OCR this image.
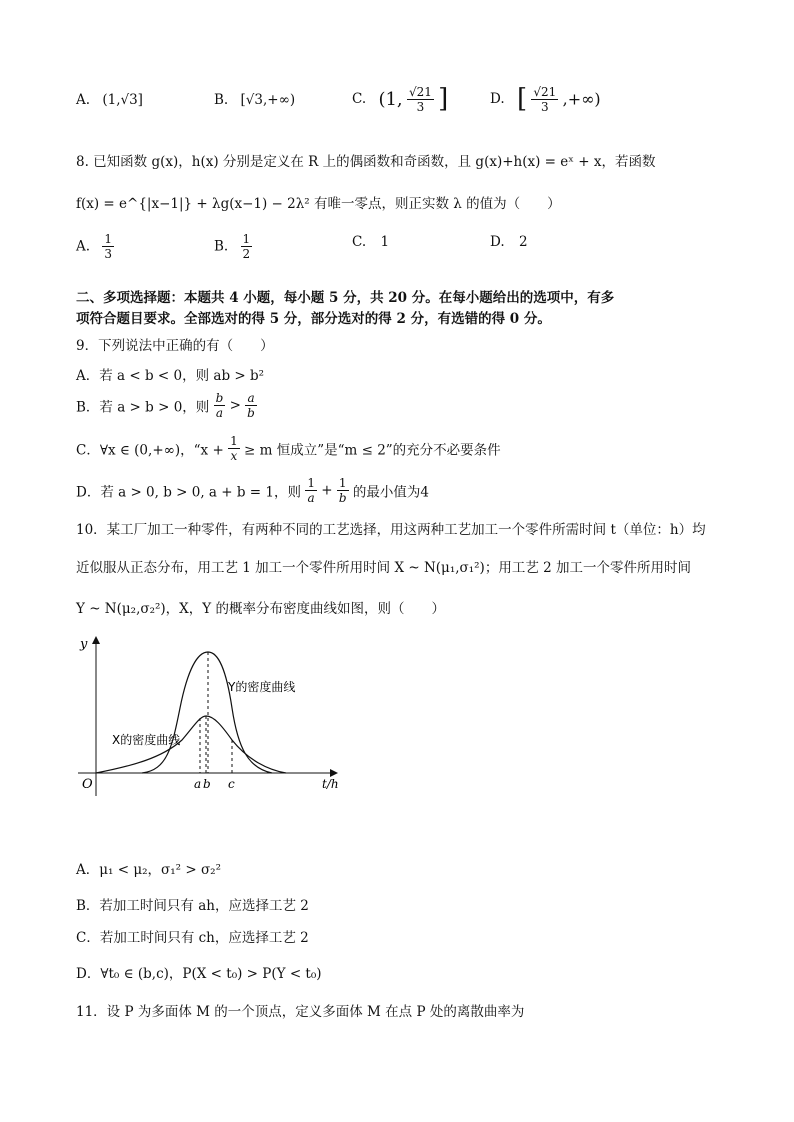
A. (1,√3]	B. [√3,+∞)	C. (1, $\frac{√21}{3}$ ]	D. [ $\frac{√21}{3}$ ,+∞)
8. 已知函数 g(x)，h(x) 分别是定义在 R 上的偶函数和奇函数，且 g(x)+h(x) = eˣ + x，若函数
f(x) = e^{|x−1|} + λg(x−1) − 2λ² 有唯一零点，则正实数 λ 的值为（　　）
A. $\frac{1}{3}$	B. $\frac{1}{2}$	C. 1	D. 2
二、多项选择题：本题共 4 小题，每小题 5 分，共 20 分。在每小题给出的选项中，有多
项符合题目要求。全部选对的得 5 分，部分选对的得 2 分，有选错的得 0 分。
9．下列说法中正确的有（　　）
A．若 a < b < 0，则 ab > b²
B．若 a > b > 0，则 $\frac{b}{a} > \frac{a}{b}$
C．∀x ∈ (0,+∞)，“$x + \frac{1}{x} \ge m$ 恒成立”是“m ≤ 2”的充分不必要条件
D．若 a > 0, b > 0, a + b = 1，则 $\frac{1}{a} + \frac{1}{b}$ 的最小值为4
10．某工厂加工一种零件，有两种不同的工艺选择，用这两种工艺加工一个零件所需时间 t（单位：h）均
近似服从正态分布，用工艺 1 加工一个零件所用时间 X ~ N(μ₁,σ₁²)；用工艺 2 加工一个零件所用时间
Y ~ N(μ₂,σ₂²)，X，Y 的概率分布密度曲线如图，则（　　）
y
t/h
O	a b c
Y的密度曲线
X的密度曲线
A．μ₁ < μ₂，σ₁² > σ₂²
B．若加工时间只有 ah，应选择工艺 2
C．若加工时间只有 ch，应选择工艺 2
D．∀t₀ ∈ (b,c)，P(X < t₀) > P(Y < t₀)
11．设 P 为多面体 M 的一个顶点，定义多面体 M 在点 P 处的离散曲率为
